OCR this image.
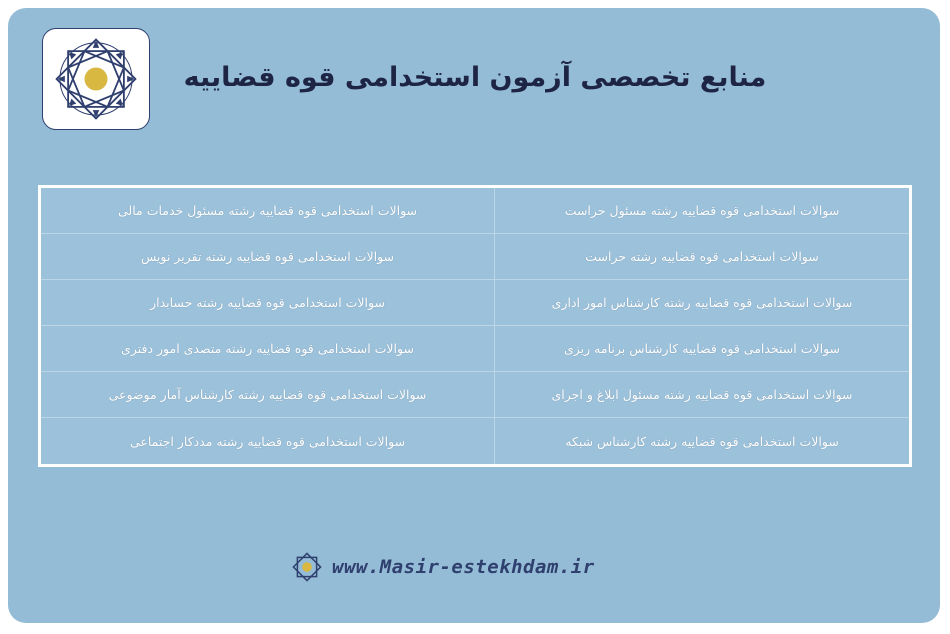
منابع تخصصی آزمون استخدامی قوه قضاییه
سوالات استخدامی قوه قضاییه رشته مسئول خدمات مالی	سوالات استخدامی قوه قضاییه رشته مسئول حراست
سوالات استخدامی قوه قضاییه رشته تقریر نویس	سوالات استخدامی قوه قضاییه رشته حراست
سوالات استخدامی قوه قضاییه رشته حسابدار	سوالات استخدامی قوه قضاییه رشته کارشناس امور اداری
سوالات استخدامی قوه قضاییه رشته متصدی امور دفتری	سوالات استخدامی قوه قضاییه کارشناس برنامه ریزی
سوالات استخدامی قوه قضاییه رشته کارشناس آمار موضوعی	سوالات استخدامی قوه قضاییه رشته مسئول ابلاغ و اجرای
سوالات استخدامی قوه قضاییه رشته مددکار اجتماعی	سوالات استخدامی قوه قضاییه رشته کارشناس شبکه
www.Masir-estekhdam.ir
